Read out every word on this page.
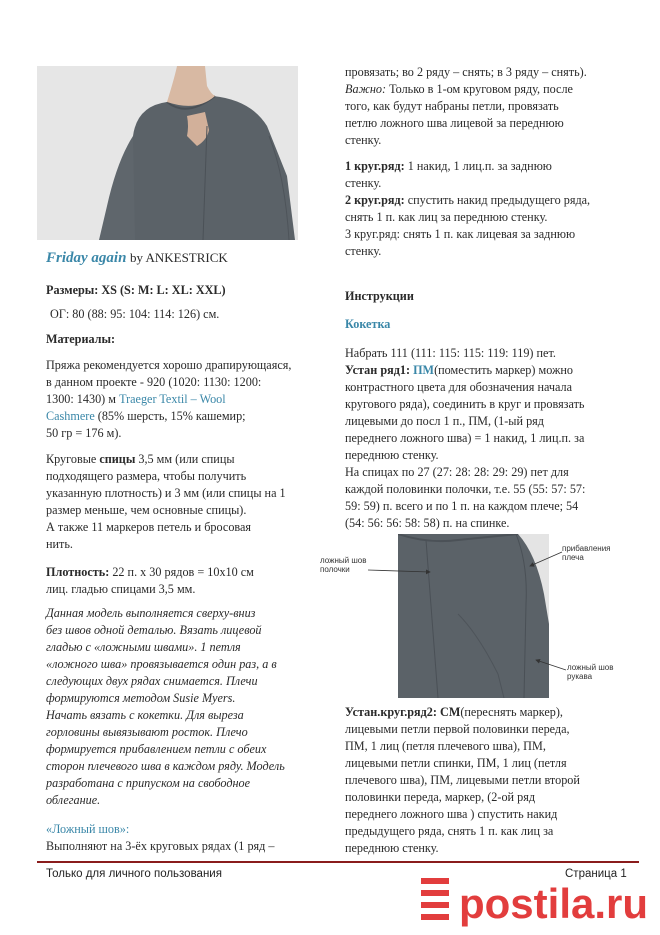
Friday again by ANKESTRICK

Размеры: XS (S: M: L: XL: XXL)

ОГ: 80 (88: 95: 104: 114: 126) см.

Материалы:

Пряжа рекомендуется хорошо драпирующаяся,

в данном проекте - 920 (1020: 1130: 1200:

1300: 1430) м Traeger Textil – Wool

Cashmere (85% шерсть, 15% кашемир;

50 гр = 176 м).

Круговые спицы 3,5 мм (или спицы

подходящего размера, чтобы получить

указанную плотность) и 3 мм (или спицы на 1

размер меньше, чем основные спицы).

А также 11 маркеров петель и бросовая

нить.

Плотность: 22 п. х 30 рядов = 10х10 см

лиц. гладью спицами 3,5 мм.

Данная модель выполняется сверху-вниз

без швов одной деталью. Вязать лицевой

гладью с «ложными швами». 1 петля

«ложного шва» провязывается один раз, а в

следующих двух рядах снимается. Плечи

формируются методом Susie Myers.

Начать вязать с кокетки. Для выреза

горловины вывязывают росток. Плечо

формируется прибавлением петли с обеих

сторон плечевого шва в каждом ряду. Модель

разработана с припуском на свободное

облегание.

«Ложный шов»:

Выполняют на 3-ёх круговых рядах (1 ряд –

провязать; во 2 ряду – снять; в 3 ряду – снять).

Важно: Только в 1-ом круговом ряду, после

того, как будут набраны петли, провязать

петлю ложного шва лицевой за переднюю

стенку.

1 круг.ряд: 1 накид, 1 лиц.п. за заднюю

стенку.

2 круг.ряд: спустить накид предыдущего ряда,

снять 1 п. как лиц за переднюю стенку.

3 круг.ряд: снять 1 п. как лицевая за заднюю

стенку.

Инструкции

Кокетка

Набрать 111 (111: 115: 115: 119: 119) пет.

Устан ряд1: ПМ(поместить маркер) можно

контрастного цвета для обозначения начала

кругового ряда), соединить в круг и провязать

лицевыми до посл 1 п., ПМ, (1-ый ряд

переднего ложного шва) = 1 накид, 1 лиц.п. за

переднюю стенку.

На спицах по 27 (27: 28: 28: 29: 29) пет для

каждой половинки полочки, т.е. 55 (55: 57: 57:

59: 59) п. всего и по 1 п. на каждом плече; 54

(54: 56: 56: 58: 58) п. на спинке.

ложный шов полочки
прибавления плеча
ложный шов рукава

Устан.круг.ряд2: СМ(переснять маркер),

лицевыми петли первой половинки переда,

ПМ, 1 лиц (петля плечевого шва), ПМ,

лицевыми петли спинки, ПМ, 1 лиц (петля

плечевого шва), ПМ, лицевыми петли второй

половинки переда, маркер, (2-ой ряд

переднего ложного шва ) спустить накид

предыдущего ряда, снять 1 п. как лиц за

переднюю стенку.

Только для личного пользования	Страница 1
postila.ru
